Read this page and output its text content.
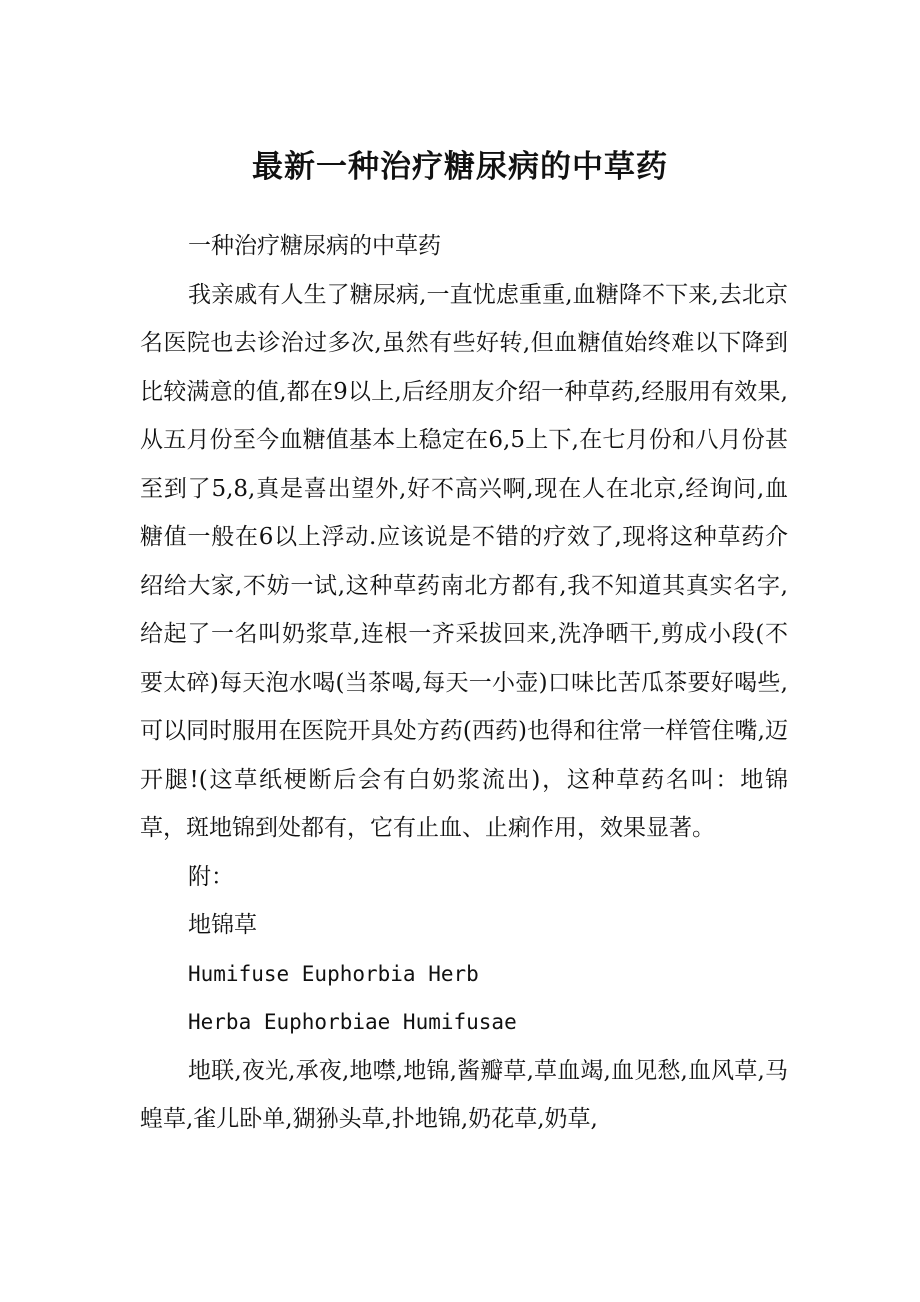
最新一种治疗糖尿病的中草药

一种治疗糖尿病的中草药

我亲戚有人生了糖尿病,一直忧虑重重,血糖降不下来,去北京名医院也去诊治过多次,虽然有些好转,但血糖值始终难以下降到比较满意的值,都在9以上,后经朋友介绍一种草药,经服用有效果,从五月份至今血糖值基本上稳定在6,5上下,在七月份和八月份甚至到了5,8,真是喜出望外,好不高兴啊,现在人在北京,经询问,血糖值一般在6以上浮动.应该说是不错的疗效了,现将这种草药介绍给大家,不妨一试,这种草药南北方都有,我不知道其真实名字,给起了一名叫奶浆草,连根一齐采拔回来,洗净晒干,剪成小段(不要太碎)每天泡水喝(当茶喝,每天一小壶)口味比苦瓜茶要好喝些,可以同时服用在医院开具处方药(西药)也得和往常一样管住嘴,迈开腿!(这草纸梗断后会有白奶浆流出)，这种草药名叫：地锦草，斑地锦到处都有，它有止血、止痢作用，效果显著。

附：

地锦草

Humifuse Euphorbia Herb

Herba Euphorbiae Humifusae

地联,夜光,承夜,地噤,地锦,酱瓣草,草血竭,血见愁,血风草,马蝗草,雀儿卧单,猢狲头草,扑地锦,奶花草,奶草,
